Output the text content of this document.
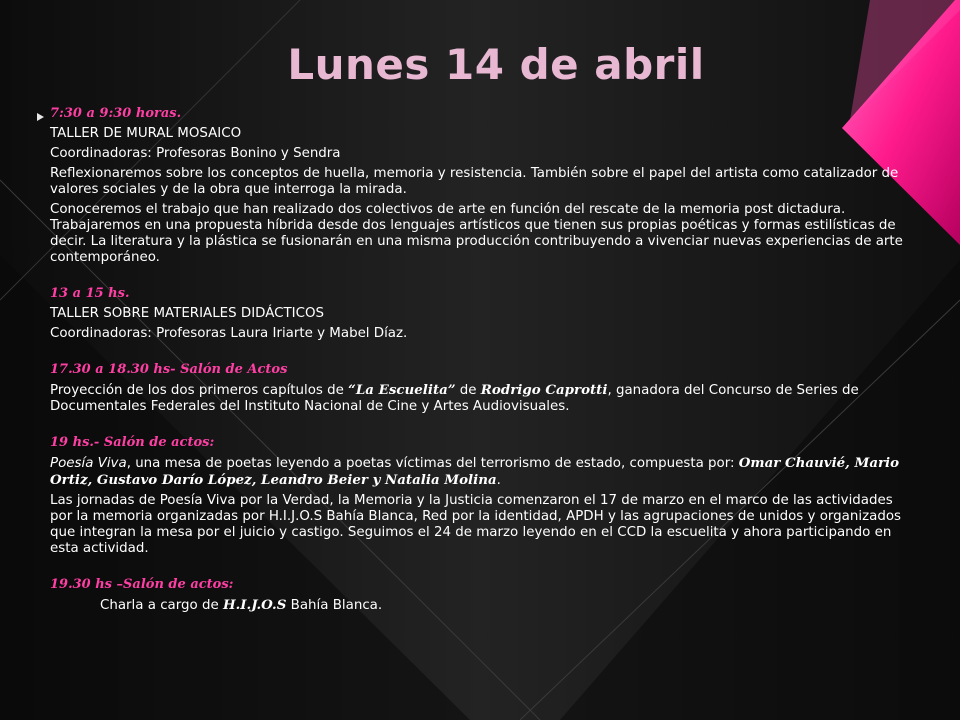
Lunes 14 de abril

7:30 a 9:30 horas.

TALLER DE MURAL MOSAICO

Coordinadoras: Profesoras Bonino y Sendra

Reflexionaremos sobre los conceptos de huella, memoria y resistencia. También sobre el papel del artista como catalizador de valores sociales y de la obra que interroga la mirada.

Conoceremos el trabajo que han realizado dos colectivos de arte en función del rescate de la memoria post dictadura. Trabajaremos en una propuesta híbrida desde dos lenguajes artísticos que tienen sus propias poéticas y formas estilísticas de decir. La literatura y la plástica se fusionarán en una misma producción contribuyendo a vivenciar nuevas experiencias de arte contemporáneo.

13 a 15 hs.

TALLER SOBRE MATERIALES DIDÁCTICOS

Coordinadoras: Profesoras Laura Iriarte y Mabel Díaz.

17.30 a 18.30 hs- Salón de Actos

Proyección de los dos primeros capítulos de “La Escuelita” de Rodrigo Caprotti, ganadora del Concurso de Series de Documentales Federales del Instituto Nacional de Cine y Artes Audiovisuales.

19 hs.- Salón de actos:

Poesía Viva, una mesa de poetas leyendo a poetas víctimas del terrorismo de estado, compuesta por: Omar Chauvié, Mario Ortiz, Gustavo Darío López, Leandro Beier y Natalia Molina.

Las jornadas de Poesía Viva por la Verdad, la Memoria y la Justicia comenzaron el 17 de marzo en el marco de las actividades por la memoria organizadas por H.I.J.O.S Bahía Blanca, Red por la identidad, APDH y las agrupaciones de unidos y organizados que integran la mesa por el juicio y castigo. Seguimos el 24 de marzo leyendo en el CCD la escuelita y ahora participando en esta actividad.

19.30 hs –Salón de actos:

Charla a cargo de H.I.J.O.S Bahía Blanca.
